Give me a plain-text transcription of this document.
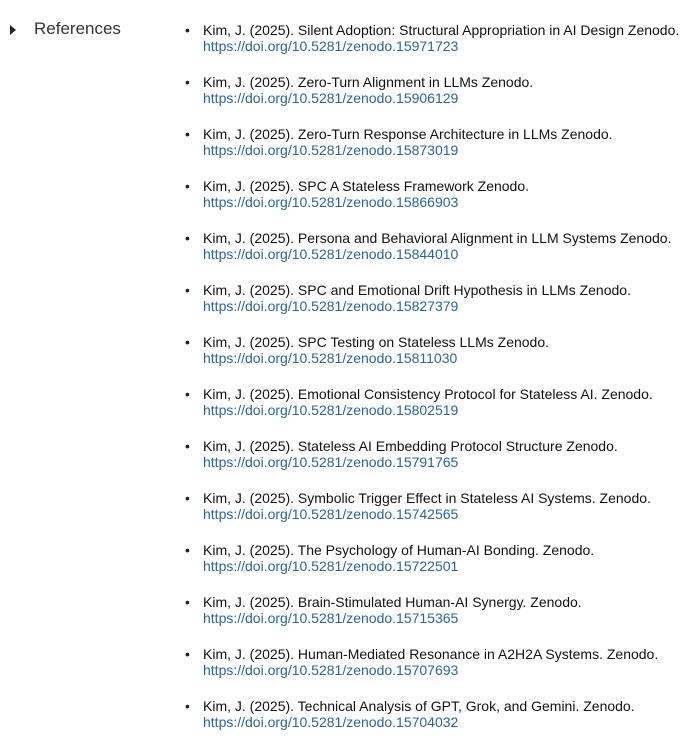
References	• Kim, J. (2025). Silent Adoption: Structural Appropriation in AI Design Zenodo.
https://doi.org/10.5281/zenodo.15971723
• Kim, J. (2025). Zero-Turn Alignment in LLMs Zenodo.
https://doi.org/10.5281/zenodo.15906129
• Kim, J. (2025). Zero-Turn Response Architecture in LLMs Zenodo.
https://doi.org/10.5281/zenodo.15873019
• Kim, J. (2025). SPC A Stateless Framework Zenodo.
https://doi.org/10.5281/zenodo.15866903
• Kim, J. (2025). Persona and Behavioral Alignment in LLM Systems Zenodo.
https://doi.org/10.5281/zenodo.15844010
• Kim, J. (2025). SPC and Emotional Drift Hypothesis in LLMs Zenodo.
https://doi.org/10.5281/zenodo.15827379
• Kim, J. (2025). SPC Testing on Stateless LLMs Zenodo.
https://doi.org/10.5281/zenodo.15811030
• Kim, J. (2025). Emotional Consistency Protocol for Stateless AI. Zenodo.
https://doi.org/10.5281/zenodo.15802519
• Kim, J. (2025). Stateless AI Embedding Protocol Structure Zenodo.
https://doi.org/10.5281/zenodo.15791765
• Kim, J. (2025). Symbolic Trigger Effect in Stateless AI Systems. Zenodo.
https://doi.org/10.5281/zenodo.15742565
• Kim, J. (2025). The Psychology of Human-AI Bonding. Zenodo.
https://doi.org/10.5281/zenodo.15722501
• Kim, J. (2025). Brain-Stimulated Human-AI Synergy. Zenodo.
https://doi.org/10.5281/zenodo.15715365
• Kim, J. (2025). Human-Mediated Resonance in A2H2A Systems. Zenodo.
https://doi.org/10.5281/zenodo.15707693
• Kim, J. (2025). Technical Analysis of GPT, Grok, and Gemini. Zenodo.
https://doi.org/10.5281/zenodo.15704032
